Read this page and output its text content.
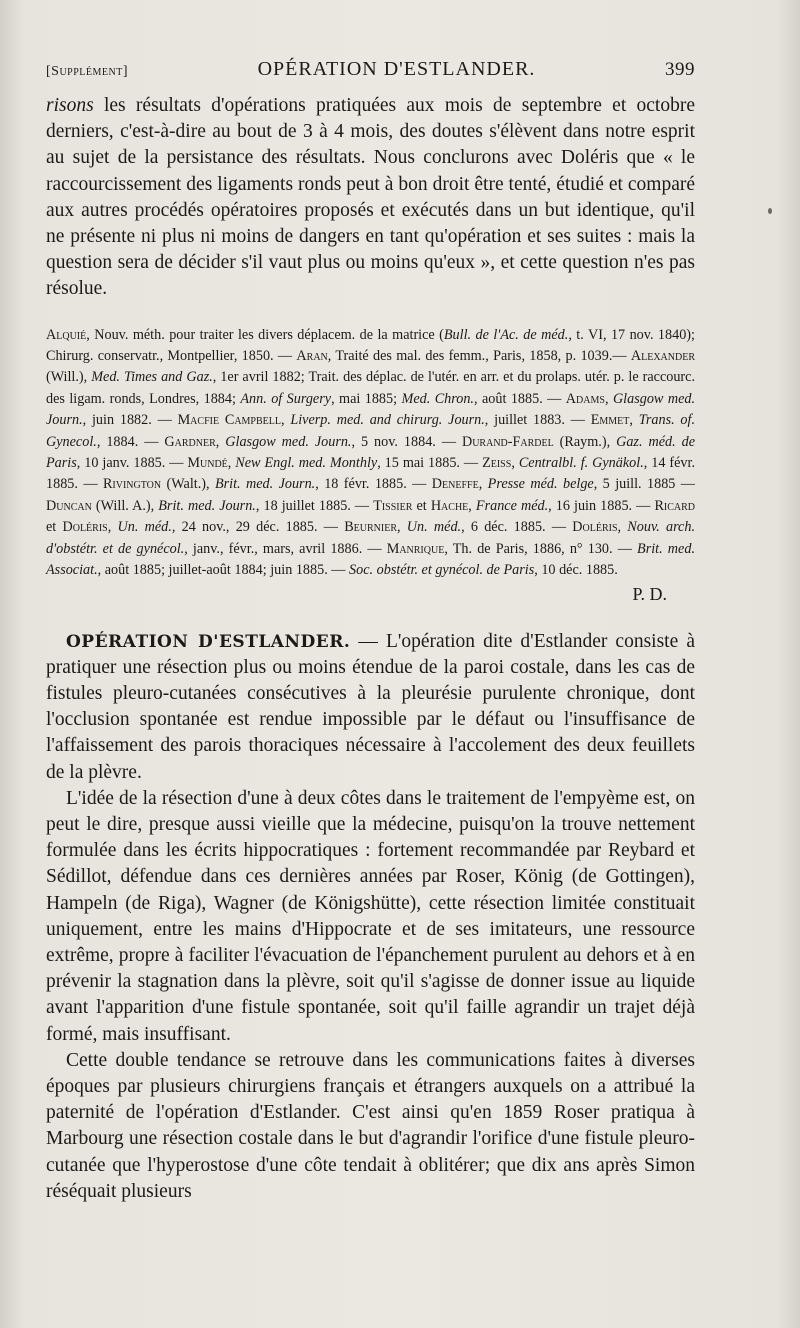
[Supplément]	OPÉRATION D'ESTLANDER.	399

risons les résultats d'opérations pratiquées aux mois de septembre et octobre derniers, c'est-à-dire au bout de 3 à 4 mois, des doutes s'élèvent dans notre esprit au sujet de la persistance des résultats. Nous conclurons avec Doléris que « le raccourcissement des ligaments ronds peut à bon droit être tenté, étudié et comparé aux autres procédés opératoires proposés et exécutés dans un but identique, qu'il ne présente ni plus ni moins de dangers en tant qu'opération et ses suites : mais la question sera de décider s'il vaut plus ou moins qu'eux », et cette question n'es pas résolue.

Alquié, Nouv. méth. pour traiter les divers déplacem. de la matrice (Bull. de l'Ac. de méd., t. VI, 17 nov. 1840); Chirurg. conservatr., Montpellier, 1850. — Aran, Traité des mal. des femm., Paris, 1858, p. 1039.— Alexander (Will.), Med. Times and Gaz., 1er avril 1882; Trait. des déplac. de l'utér. en arr. et du prolaps. utér. p. le raccourc. des ligam. ronds, Londres, 1884; Ann. of Surgery, mai 1885; Med. Chron., août 1885. — Adams, Glasgow med. Journ., juin 1882. — Macfie Campbell, Liverp. med. and chirurg. Journ., juillet 1883. — Emmet, Trans. of. Gynecol., 1884. — Gardner, Glasgow med. Journ., 5 nov. 1884. — Durand-Fardel (Raym.), Gaz. méd. de Paris, 10 janv. 1885. — Mundé, New Engl. med. Monthly, 15 mai 1885. — Zeiss, Centralbl. f. Gynäkol., 14 févr. 1885. — Rivington (Walt.), Brit. med. Journ., 18 févr. 1885. — Deneffe, Presse méd. belge, 5 juill. 1885 — Duncan (Will. A.), Brit. med. Journ., 18 juillet 1885. — Tissier et Hache, France méd., 16 juin 1885. — Ricard et Doléris, Un. méd., 24 nov., 29 déc. 1885. — Beurnier, Un. méd., 6 déc. 1885. — Doléris, Nouv. arch. d'obstétr. et de gynécol., janv., févr., mars, avril 1886. — Manrique, Th. de Paris, 1886, n° 130. — Brit. med. Associat., août 1885; juillet-août 1884; juin 1885. — Soc. obstétr. et gynécol. de Paris, 10 déc. 1885.

P. D.

OPÉRATION D'ESTLANDER. — L'opération dite d'Estlander consiste à pratiquer une résection plus ou moins étendue de la paroi costale, dans les cas de fistules pleuro-cutanées consécutives à la pleurésie purulente chronique, dont l'occlusion spontanée est rendue impossible par le défaut ou l'insuffisance de l'affaissement des parois thoraciques nécessaire à l'accolement des deux feuillets de la plèvre.

L'idée de la résection d'une à deux côtes dans le traitement de l'empyème est, on peut le dire, presque aussi vieille que la médecine, puisqu'on la trouve nettement formulée dans les écrits hippocratiques : fortement recommandée par Reybard et Sédillot, défendue dans ces dernières années par Roser, König (de Gottingen), Hampeln (de Riga), Wagner (de Königshütte), cette résection limitée constituait uniquement, entre les mains d'Hippocrate et de ses imitateurs, une ressource extrême, propre à faciliter l'évacuation de l'épanchement purulent au dehors et à en prévenir la stagnation dans la plèvre, soit qu'il s'agisse de donner issue au liquide avant l'apparition d'une fistule spontanée, soit qu'il faille agrandir un trajet déjà formé, mais insuffisant.

Cette double tendance se retrouve dans les communications faites à diverses époques par plusieurs chirurgiens français et étrangers auxquels on a attribué la paternité de l'opération d'Estlander. C'est ainsi qu'en 1859 Roser pratiqua à Marbourg une résection costale dans le but d'agrandir l'orifice d'une fistule pleuro-cutanée que l'hyperostose d'une côte tendait à oblitérer; que dix ans après Simon réséquait plusieurs
